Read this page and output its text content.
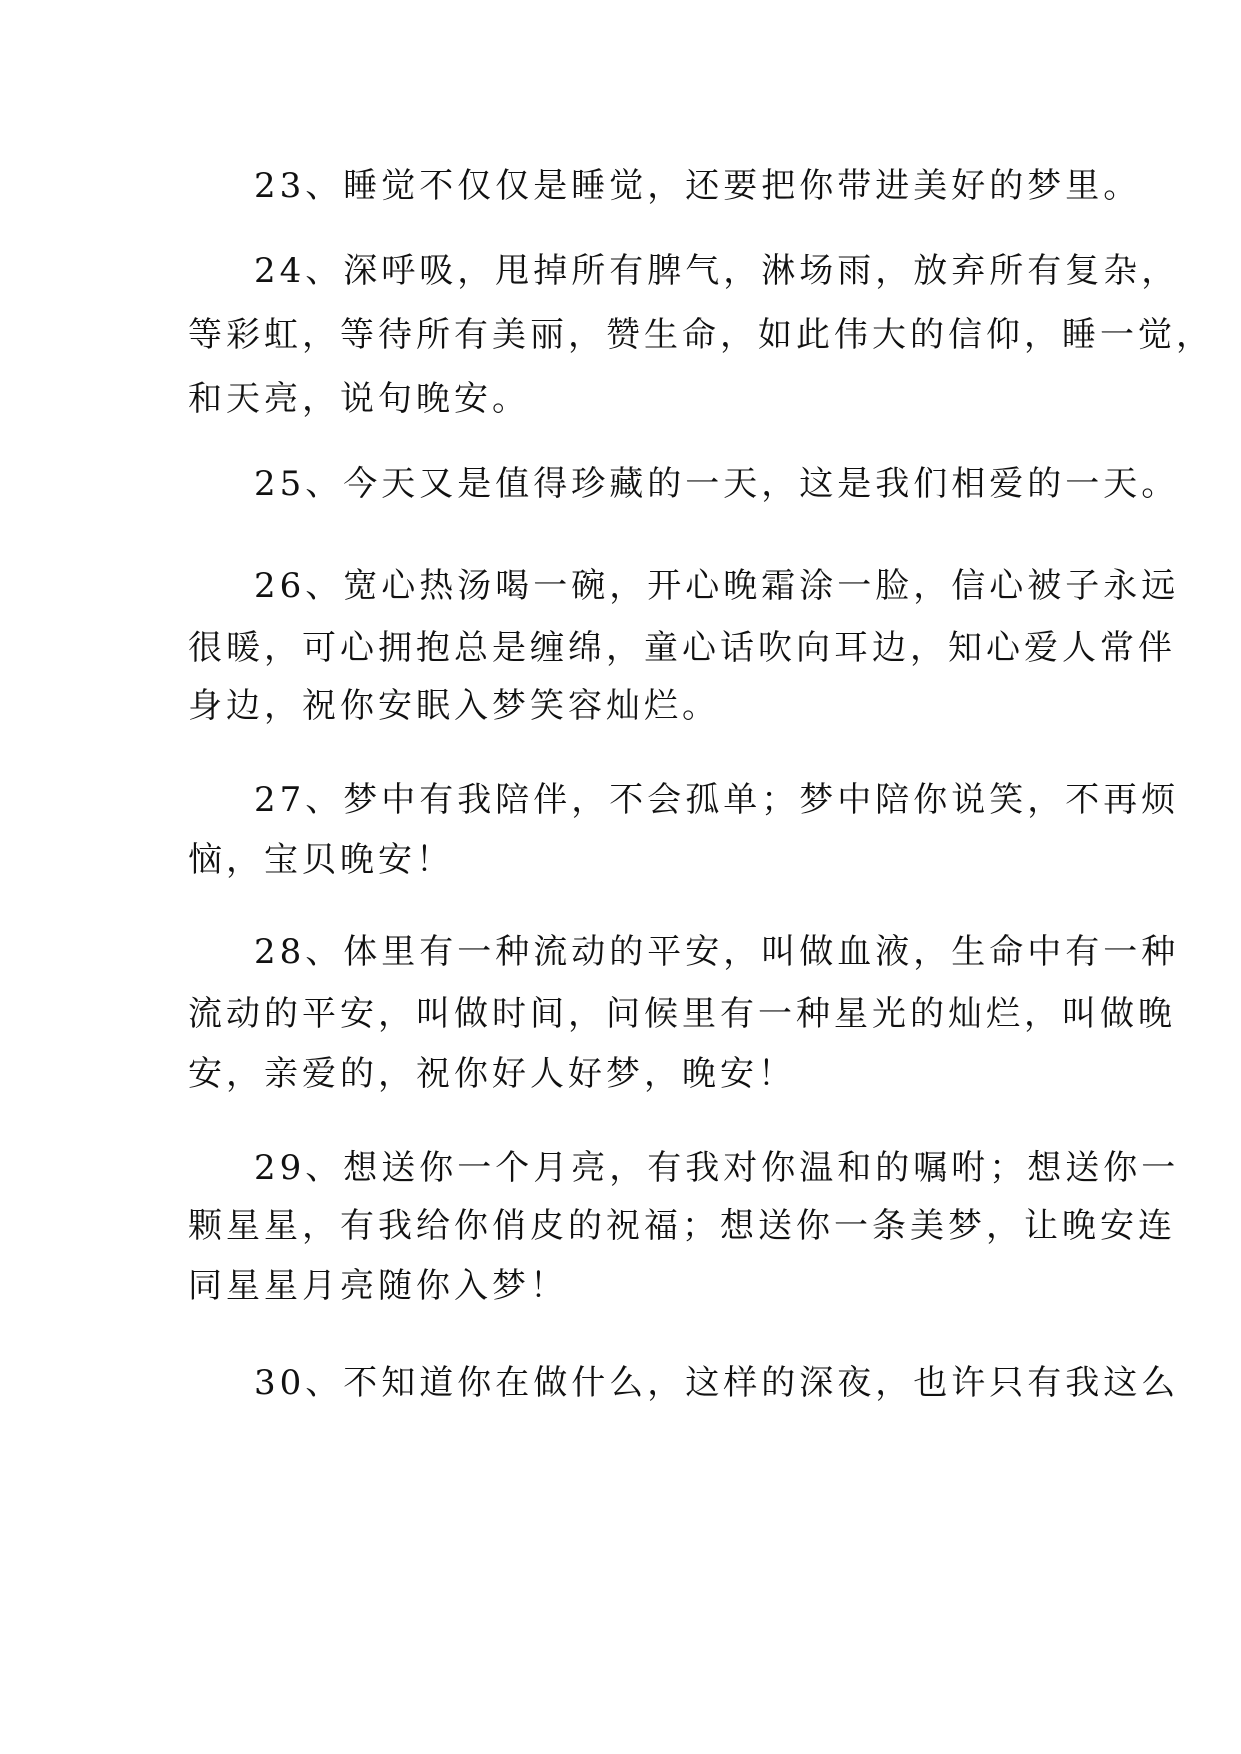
23、睡觉不仅仅是睡觉，还要把你带进美好的梦里。
24、深呼吸，甩掉所有脾气，淋场雨，放弃所有复杂，
等彩虹，等待所有美丽，赞生命，如此伟大的信仰，睡一觉，
和天亮，说句晚安。
25、今天又是值得珍藏的一天，这是我们相爱的一天。
26、宽心热汤喝一碗，开心晚霜涂一脸，信心被子永远
很暖，可心拥抱总是缠绵，童心话吹向耳边，知心爱人常伴
身边，祝你安眠入梦笑容灿烂。
27、梦中有我陪伴，不会孤单；梦中陪你说笑，不再烦
恼，宝贝晚安！
28、体里有一种流动的平安，叫做血液，生命中有一种
流动的平安，叫做时间，问候里有一种星光的灿烂，叫做晚
安，亲爱的，祝你好人好梦，晚安！
29、想送你一个月亮，有我对你温和的嘱咐；想送你一
颗星星，有我给你俏皮的祝福；想送你一条美梦，让晚安连
同星星月亮随你入梦！
30、不知道你在做什么，这样的深夜，也许只有我这么
